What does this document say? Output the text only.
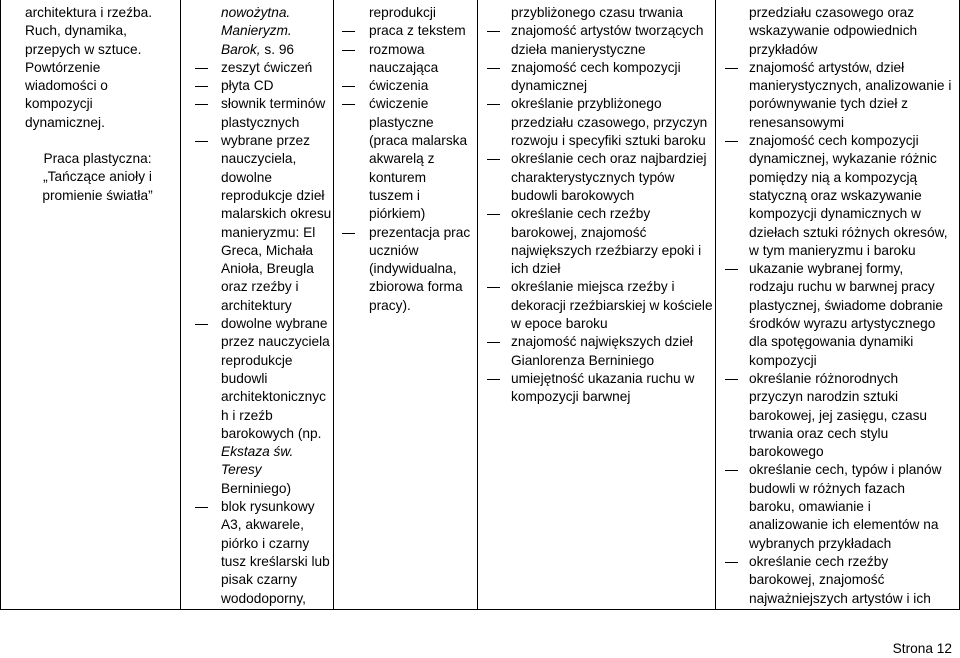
architektura i rzeźba.
Ruch, dynamika,
przepych w sztuce.
Powtórzenie
wiadomości o
kompozycji
dynamicznej.
Praca plastyczna:
„Tańczące anioły i
promienie światła”
nowożytna.
Manieryzm.
Barok, s. 96
zeszyt ćwiczeń
płyta CD
słownik terminów
plastycznych
wybrane przez
nauczyciela,
dowolne
reprodukcje dzieł
malarskich okresu
manieryzmu: El
Greca, Michała
Anioła, Breugla
oraz rzeźby i
architektury
dowolne wybrane
przez nauczyciela
reprodukcje
budowli
architektonicznyc
h i rzeźb
barokowych (np.
Ekstaza św.
Teresy
Berniniego)
blok rysunkowy
A3, akwarele,
piórko i czarny
tusz kreślarski lub
pisak czarny
wododoporny,
reprodukcji
praca z tekstem
rozmowa
nauczająca
ćwiczenia
ćwiczenie
plastyczne
(praca malarska
akwarelą z
konturem
tuszem i
piórkiem)
prezentacja prac
uczniów
(indywidualna,
zbiorowa forma
pracy).
przybliżonego czasu trwania
znajomość artystów tworzących
dzieła manierystyczne
znajomość cech kompozycji
dynamicznej
określanie przybliżonego
przedziału czasowego, przyczyn
rozwoju i specyfiki sztuki baroku
określanie cech oraz najbardziej
charakterystycznych typów
budowli barokowych
określanie cech rzeźby
barokowej, znajomość
największych rzeźbiarzy epoki i
ich dzieł
określanie miejsca rzeźby i
dekoracji rzeźbiarskiej w kościele
w epoce baroku
znajomość największych dzieł
Gianlorenza Berniniego
umiejętność ukazania ruchu w
kompozycji barwnej
przedziału czasowego oraz
wskazywanie odpowiednich
przykładów
znajomość artystów, dzieł
manierystycznych, analizowanie i
porównywanie tych dzieł z
renesansowymi
znajomość cech kompozycji
dynamicznej, wykazanie różnic
pomiędzy nią a kompozycją
statyczną oraz wskazywanie
kompozycji dynamicznych w
dziełach sztuki różnych okresów,
w tym manieryzmu i baroku
ukazanie wybranej formy,
rodzaju ruchu w barwnej pracy
plastycznej, świadome dobranie
środków wyrazu artystycznego
dla spotęgowania dynamiki
kompozycji
określanie różnorodnych
przyczyn narodzin sztuki
barokowej, jej zasięgu, czasu
trwania oraz cech stylu
barokowego
określanie cech, typów i planów
budowli w różnych fazach
baroku, omawianie i
analizowanie ich elementów na
wybranych przykładach
określanie cech rzeźby
barokowej, znajomość
najważniejszych artystów i ich
Strona 12
